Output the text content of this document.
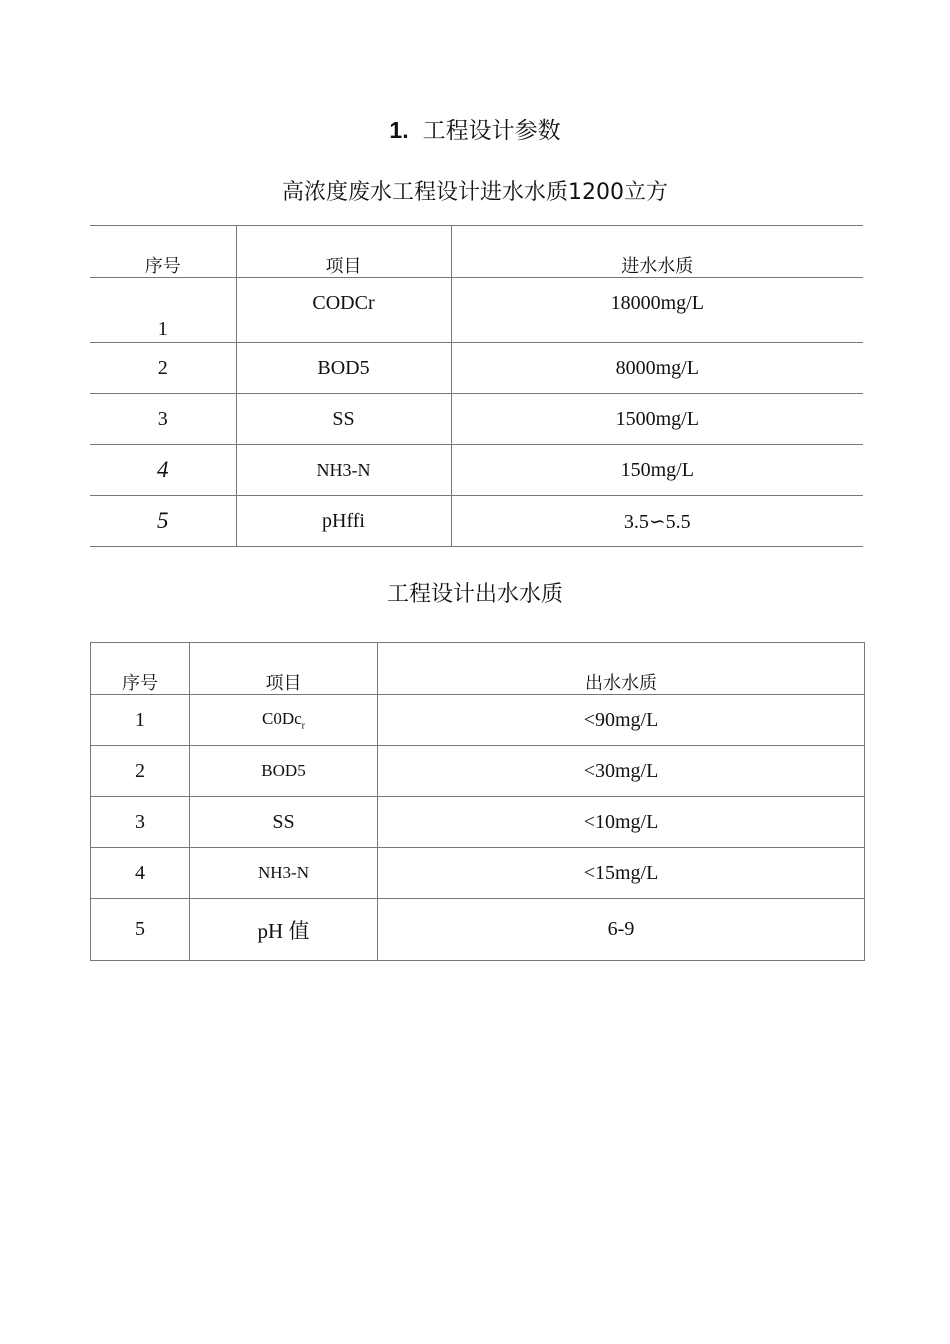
1. 工程设计参数
高浓度废水工程设计进水水质1200立方
序号	项目	进水水质
1	CODCr	18000mg/L
2	BOD5	8000mg/L
3	SS	1500mg/L
4	NH3-N	150mg/L
5	pHffi	3.5∽5.5
工程设计出水水质
序号	项目	出水水质
1	$C0Dc_r$	<90mg/L
2	BOD5	<30mg/L
3	SS	<10mg/L
4	NH3-N	<15mg/L
5	pH 值	6-9
